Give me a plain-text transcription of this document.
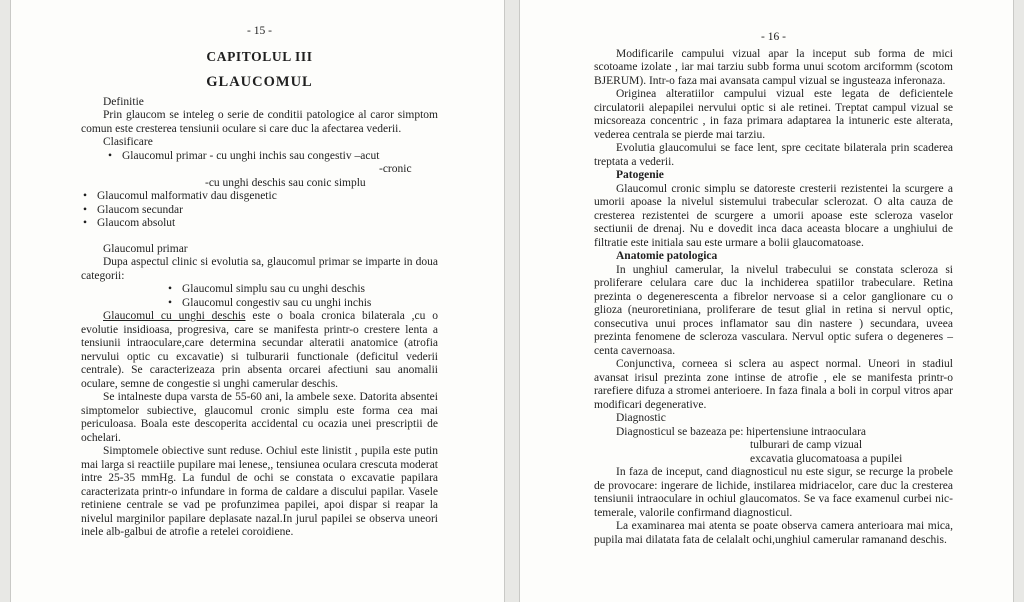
- 15 -
CAPITOLUL III
GLAUCOMUL

Definitie

Prin glaucom se inteleg o serie de conditii patologice al caror simptom comun este cresterea tensiunii oculare si care duc la afectarea vederii.

Clasificare

• Glaucomul primar - cu unghi inchis sau congestiv –acut
-cronic
-cu unghi deschis sau conic simplu
• Glaucomul malformativ dau disgenetic
• Glaucom secundar
• Glaucom absolut

Glaucomul primar

Dupa aspectul clinic si evolutia sa, glaucomul primar se imparte in doua categorii:

• Glaucomul simplu sau cu unghi deschis
• Glaucomul congestiv sau cu unghi inchis

Glaucomul cu unghi deschis este o boala cronica bilaterala ,cu o evolutie insidioasa, progresiva, care se manifesta printr-o crestere lenta a tensiunii intraoculare,care determina secundar alteratii anatomice (atrofia nervului optic cu excavatie) si tulburarii functionale (deficitul vederii centrale). Se caracterizeaza prin absenta orcarei afectiuni sau anomalii oculare, semne de congestie si unghi camerular deschis.

Se intalneste dupa varsta de 55-60 ani, la ambele sexe. Datorita absentei simptomelor subiective, glaucomul cronic simplu este forma cea mai periculoasa. Boala este descoperita accidental cu ocazia unei prescriptii de ochelari.

Simptomele obiective sunt reduse. Ochiul este linistit , pupila este putin mai larga si reactiile pupilare mai lenese,, tensiunea oculara crescuta moderat intre 25-35 mmHg. La fundul de ochi se constata o excavatie papilara caracterizata printr-o infundare in forma de caldare a discului papilar. Vasele retiniene centrale se vad pe profunzimea papilei, apoi dispar si reapar la nivelul marginilor papilare deplasate nazal.In jurul papilei se observa uneori inele alb-galbui de atrofie a retelei coroidiene.

- 16 -

Modificarile campului vizual apar la inceput sub forma de mici scotoame izolate , iar mai tarziu subb forma unui scotom arciformm (scotom BJERUM). Intr-o faza mai avansata campul vizual se ingusteaza inferonaza.

Originea alteratiilor campului vizual este legata de deficientele circulatorii alepapilei nervului optic si ale retinei. Treptat campul vizual se micsoreaza concentric , in faza primara adaptarea la intuneric este alterata, vederea centrala se pierde mai tarziu.

Evolutia glaucomului se face lent, spre cecitate bilaterala prin scaderea treptata a vederii.

Patogenie

Glaucomul cronic simplu se datoreste cresterii rezistentei la scurgere a umorii apoase la nivelul sistemului trabecular sclerozat. O alta cauza de cresterea rezistentei de scurgere a umorii apoase este scleroza vaselor sectiunii de drenaj. Nu e dovedit inca daca aceasta blocare a unghiului de filtratie este initiala sau este urmare a bolii glaucomatoase.

Anatomie patologica

In unghiul camerular, la nivelul trabecului se constata scleroza si proliferare celulara care duc la inchiderea spatiilor trabeculare. Retina prezinta o degenerescenta a fibrelor nervoase si a celor ganglionare cu o glioza (neuroretiniana, proliferare de tesut glial in retina si nervul optic, consecutiva unui proces inflamator sau din nastere ) secundara, uveea prezinta fenomene de scleroza vasculara. Nervul optic sufera o degeneres – centa cavernoasa.

Conjunctiva, corneea si sclera au aspect normal. Uneori in stadiul avansat irisul prezinta zone intinse de atrofie , ele se manifesta printr-o rarefiere difuza a stromei anterioere. In faza finala a boli in corpul vitros apar modificari degenerative.

Diagnostic

Diagnosticul se bazeaza pe: hipertensiune intraoculara

tulburari de camp vizual
excavatia glucomatoasa a pupilei

In faza de inceput, cand diagnosticul nu este sigur, se recurge la probele de provocare: ingerare de lichide, instilarea midriacelor, care duc la cresterea tensiunii intraoculare in ochiul glaucomatos. Se va face examenul curbei nic-temerale, valorile confirmand diagnosticul.

La examinarea mai atenta se poate observa camera anterioara mai mica, pupila mai dilatata fata de celalalt ochi,unghiul camerular ramanand deschis.
